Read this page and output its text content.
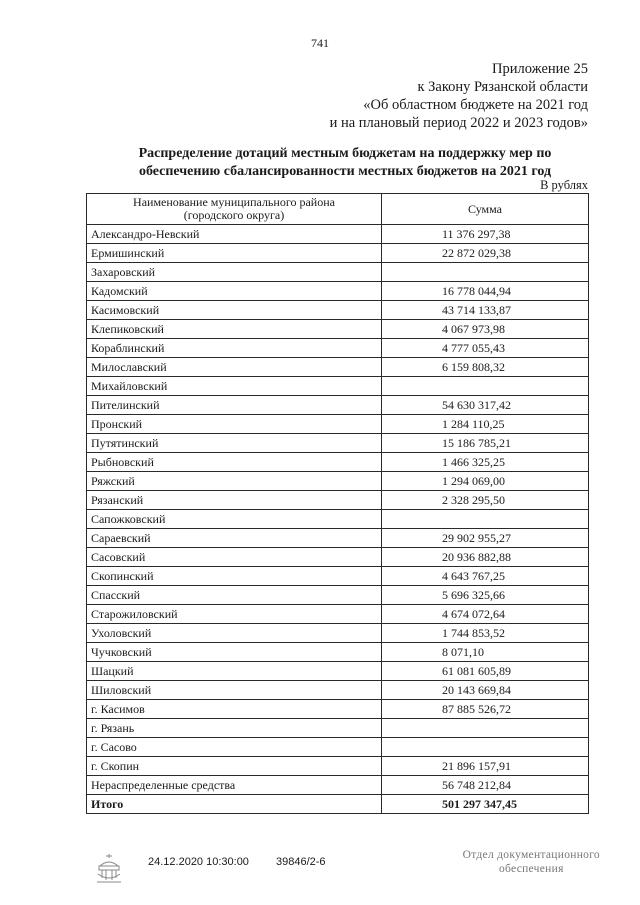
741
Приложение 25
к Закону Рязанской области
«Об областном бюджете на 2021 год
и на плановый период 2022 и 2023 годов»
Распределение дотаций местным бюджетам на поддержку мер по
обеспечению сбалансированности местных бюджетов на 2021 год
В рублях
Наименование муниципального района
(городского округа)	Сумма
Александро-Невский	11 376 297,38
Ермишинский	22 872 029,38
Захаровский	
Кадомский	16 778 044,94
Касимовский	43 714 133,87
Клепиковский	4 067 973,98
Кораблинский	4 777 055,43
Милославский	6 159 808,32
Михайловский	
Пителинский	54 630 317,42
Пронский	1 284 110,25
Путятинский	15 186 785,21
Рыбновский	1 466 325,25
Ряжский	1 294 069,00
Рязанский	2 328 295,50
Сапожковский	
Сараевский	29 902 955,27
Сасовский	20 936 882,88
Скопинский	4 643 767,25
Спасский	5 696 325,66
Старожиловский	4 674 072,64
Ухоловский	1 744 853,52
Чучковский	8 071,10
Шацкий	61 081 605,89
Шиловский	20 143 669,84
г. Касимов	87 885 526,72
г. Рязань	
г. Сасово	
г. Скопин	21 896 157,91
Нераспределенные средства	56 748 212,84
Итого	501 297 347,45
24.12.2020 10:30:00 39846/2-6
Отдел документационного
обеспечения
